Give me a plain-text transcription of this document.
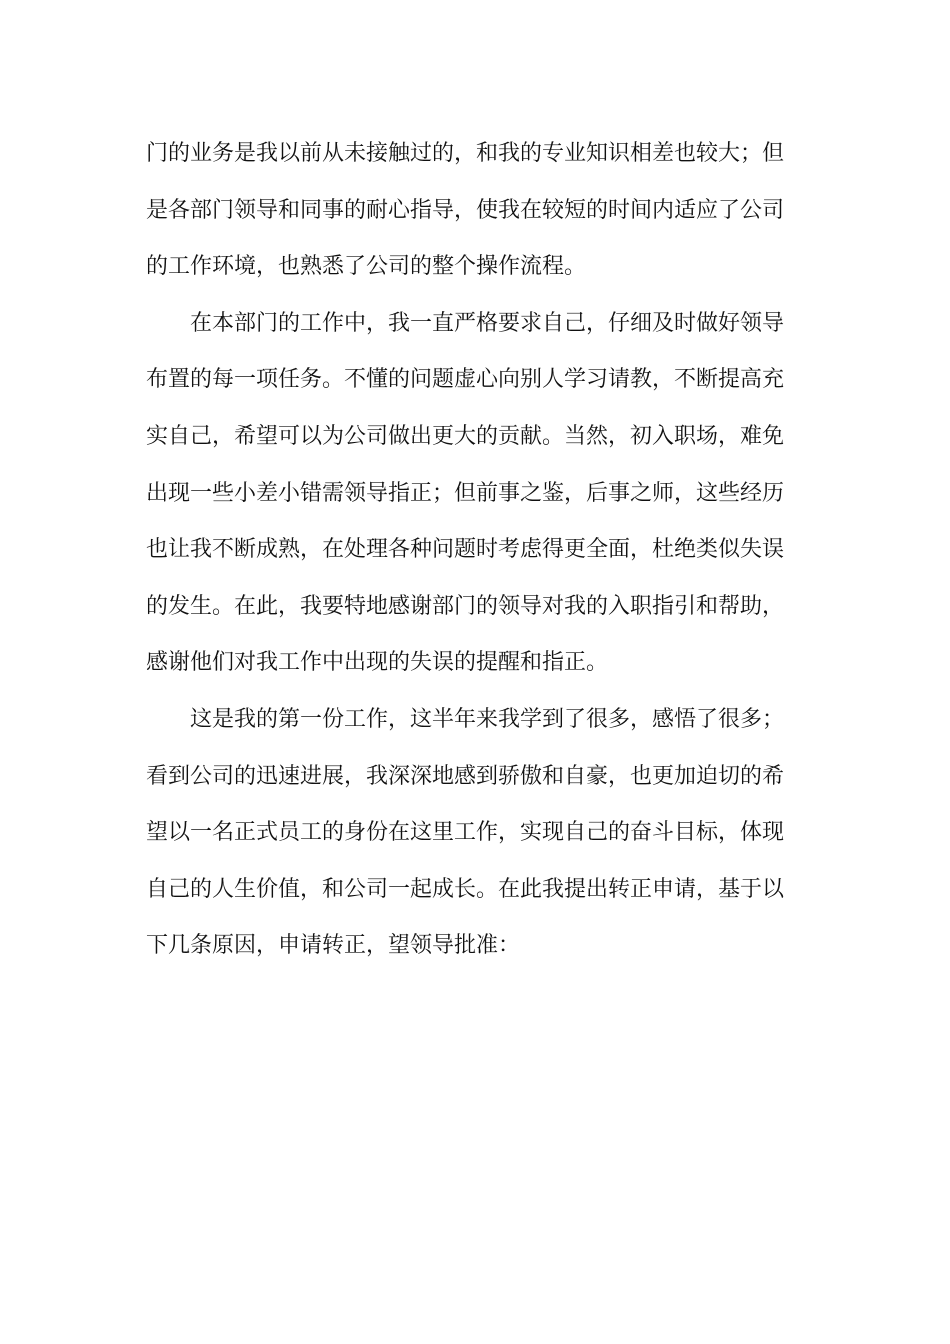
门的业务是我以前从未接触过的，和我的专业知识相差也较大；但
是各部门领导和同事的耐心指导，使我在较短的时间内适应了公司
的工作环境，也熟悉了公司的整个操作流程。
在本部门的工作中，我一直严格要求自己，仔细及时做好领导
布置的每一项任务。不懂的问题虚心向别人学习请教，不断提高充
实自己，希望可以为公司做出更大的贡献。当然，初入职场，难免
出现一些小差小错需领导指正；但前事之鉴，后事之师，这些经历
也让我不断成熟，在处理各种问题时考虑得更全面，杜绝类似失误
的发生。在此，我要特地感谢部门的领导对我的入职指引和帮助，
感谢他们对我工作中出现的失误的提醒和指正。
这是我的第一份工作，这半年来我学到了很多，感悟了很多；
看到公司的迅速进展，我深深地感到骄傲和自豪，也更加迫切的希
望以一名正式员工的身份在这里工作，实现自己的奋斗目标，体现
自己的人生价值，和公司一起成长。在此我提出转正申请，基于以
下几条原因，申请转正，望领导批准：
